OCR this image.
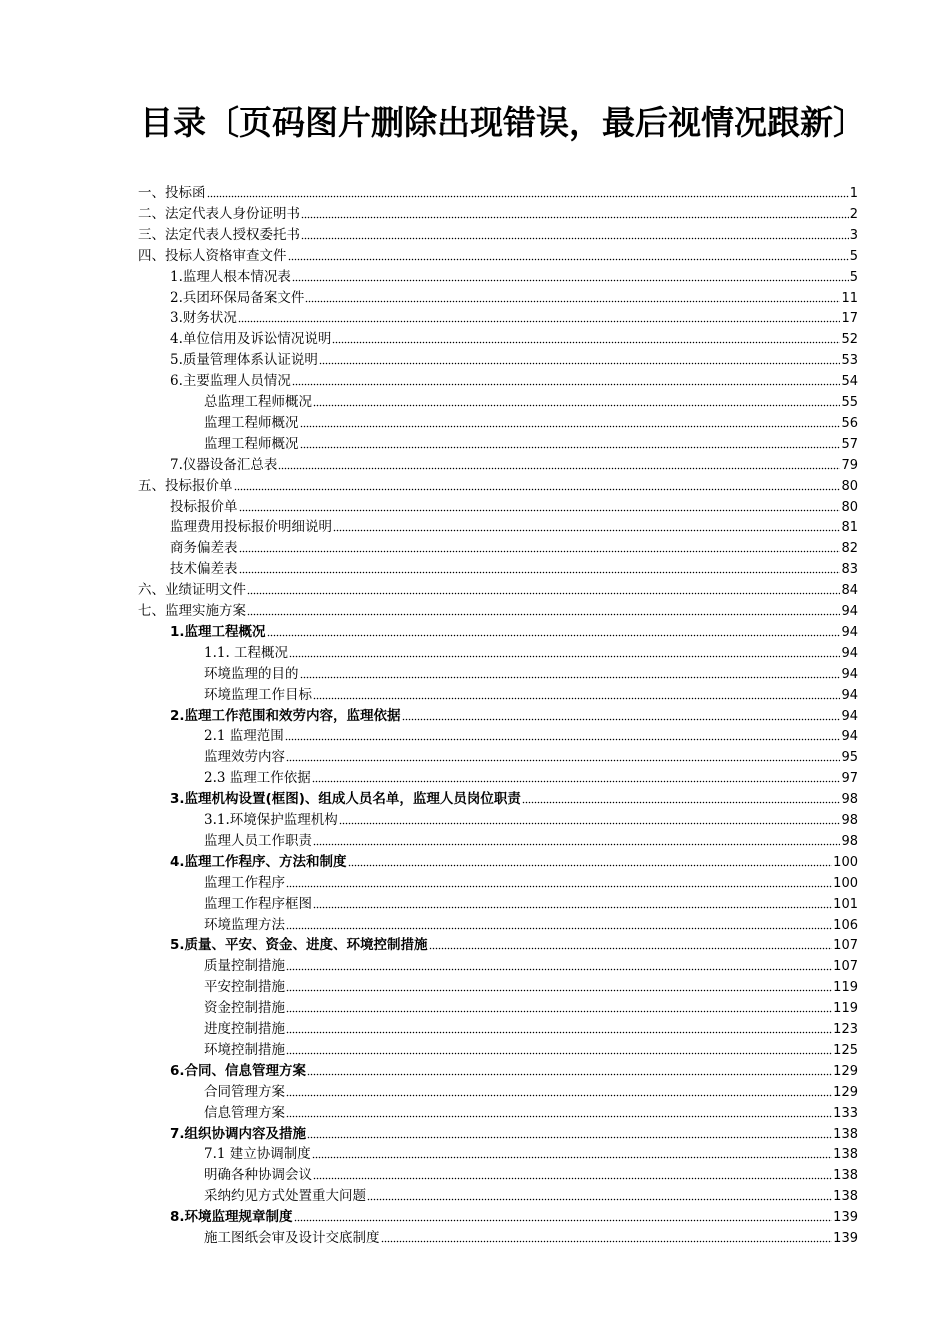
目录〔页码图片删除出现错误，最后视情况跟新〕
一、投标函	1
二、法定代表人身份证明书	2
三、法定代表人授权委托书	3
四、投标人资格审查文件	5
1.监理人根本情况表	5
2.兵团环保局备案文件	11
3.财务状况	17
4.单位信用及诉讼情况说明	52
5.质量管理体系认证说明	53
6.主要监理人员情况	54
总监理工程师概况	55
监理工程师概况	56
监理工程师概况	57
7.仪器设备汇总表	79
五、投标报价单	80
投标报价单	80
监理费用投标报价明细说明	81
商务偏差表	82
技术偏差表	83
六、业绩证明文件	84
七、监理实施方案	94
1.监理工程概况	94
1.1. 工程概况	94
环境监理的目的	94
环境监理工作目标	94
2.监理工作范围和效劳内容，监理依据	94
2.1 监理范围	94
监理效劳内容	95
2.3 监理工作依据	97
3.监理机构设置(框图)、组成人员名单，监理人员岗位职责	98
3.1.环境保护监理机构	98
监理人员工作职责	98
4.监理工作程序、方法和制度	100
监理工作程序	100
监理工作程序框图	101
环境监理方法	106
5.质量、平安、资金、进度、环境控制措施	107
质量控制措施	107
平安控制措施	119
资金控制措施	119
进度控制措施	123
环境控制措施	125
6.合同、信息管理方案	129
合同管理方案	129
信息管理方案	133
7.组织协调内容及措施	138
7.1 建立协调制度	138
明确各种协调会议	138
采纳约见方式处置重大问题	138
8.环境监理规章制度	139
施工图纸会审及设计交底制度	139
